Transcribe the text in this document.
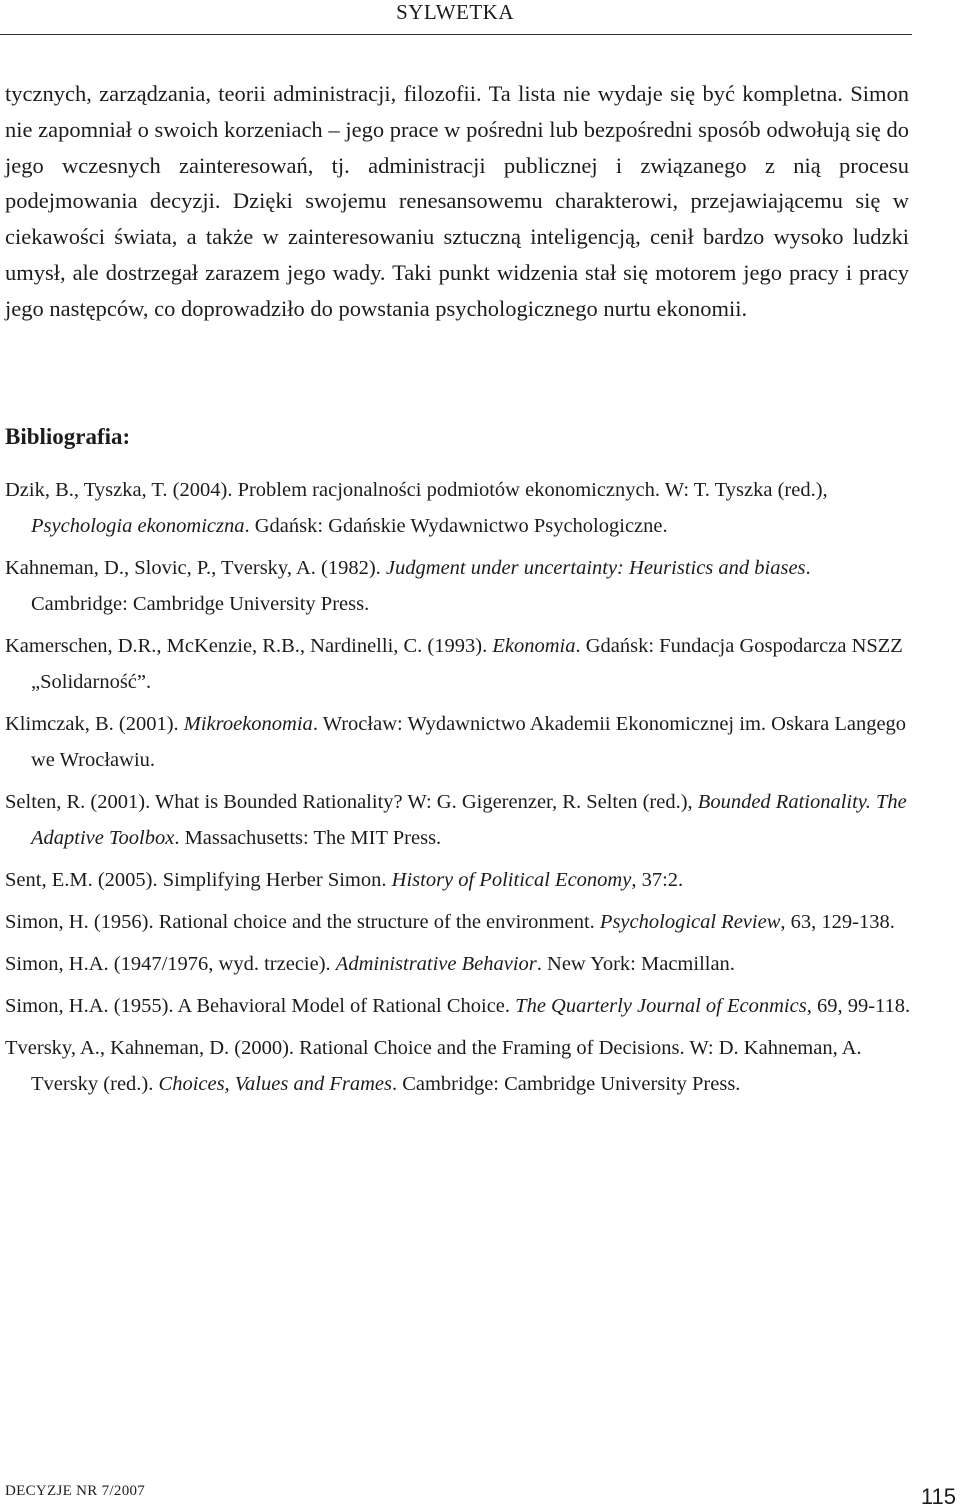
SYLWETKA

tycznych, zarządzania, teorii administracji, filozofii. Ta lista nie wydaje się być kompletna. Simon nie zapomniał o swoich korzeniach – jego prace w pośredni lub bezpośredni sposób odwołują się do jego wczesnych zainteresowań, tj. administracji publicznej i związanego z nią procesu podejmowania decyzji. Dzięki swojemu renesansowemu charakterowi, przejawiającemu się w ciekawości świata, a także w zainteresowaniu sztuczną inteligencją, cenił bardzo wysoko ludzki umysł, ale dostrzegał zarazem jego wady. Taki punkt widzenia stał się motorem jego pracy i pracy jego następców, co doprowadziło do powstania psychologicznego nurtu ekonomii.

Bibliografia:
Dzik, B., Tyszka, T. (2004). Problem racjonalności podmiotów ekonomicznych. W: T. Tyszka (red.), Psychologia ekonomiczna. Gdańsk: Gdańskie Wydawnictwo Psychologiczne.
Kahneman, D., Slovic, P., Tversky, A. (1982). Judgment under uncertainty: Heuristics and biases. Cambridge: Cambridge University Press.
Kamerschen, D.R., McKenzie, R.B., Nardinelli, C. (1993). Ekonomia. Gdańsk: Fundacja Gospodarcza NSZZ „Solidarność”.
Klimczak, B. (2001). Mikroekonomia. Wrocław: Wydawnictwo Akademii Ekonomicznej im. Oskara Langego we Wrocławiu.
Selten, R. (2001). What is Bounded Rationality? W: G. Gigerenzer, R. Selten (red.), Bounded Rationality. The Adaptive Toolbox. Massachusetts: The MIT Press.
Sent, E.M. (2005). Simplifying Herber Simon. History of Political Economy, 37:2.
Simon, H. (1956). Rational choice and the structure of the environment. Psychological Review, 63, 129-138.
Simon, H.A. (1947/1976, wyd. trzecie). Administrative Behavior. New York: Macmillan.
Simon, H.A. (1955). A Behavioral Model of Rational Choice. The Quarterly Journal of Econmics, 69, 99-118.
Tversky, A., Kahneman, D. (2000). Rational Choice and the Framing of Decisions. W: D. Kahneman, A. Tversky (red.). Choices, Values and Frames. Cambridge: Cambridge University Press.
DECYZJE NR 7/2007	115
